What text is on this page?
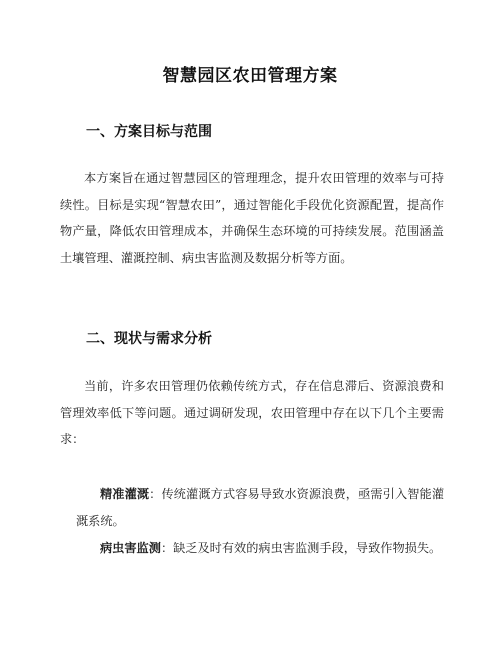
智慧园区农田管理方案
一、方案目标与范围
本方案旨在通过智慧园区的管理理念，提升农田管理的效率与可持续性。目标是实现“智慧农田”，通过智能化手段优化资源配置，提高作物产量，降低农田管理成本，并确保生态环境的可持续发展。范围涵盖土壤管理、灌溉控制、病虫害监测及数据分析等方面。
二、现状与需求分析
当前，许多农田管理仍依赖传统方式，存在信息滞后、资源浪费和管理效率低下等问题。通过调研发现，农田管理中存在以下几个主要需求：
精准灌溉：传统灌溉方式容易导致水资源浪费，亟需引入智能灌溉系统。
病虫害监测：缺乏及时有效的病虫害监测手段，导致作物损失。
